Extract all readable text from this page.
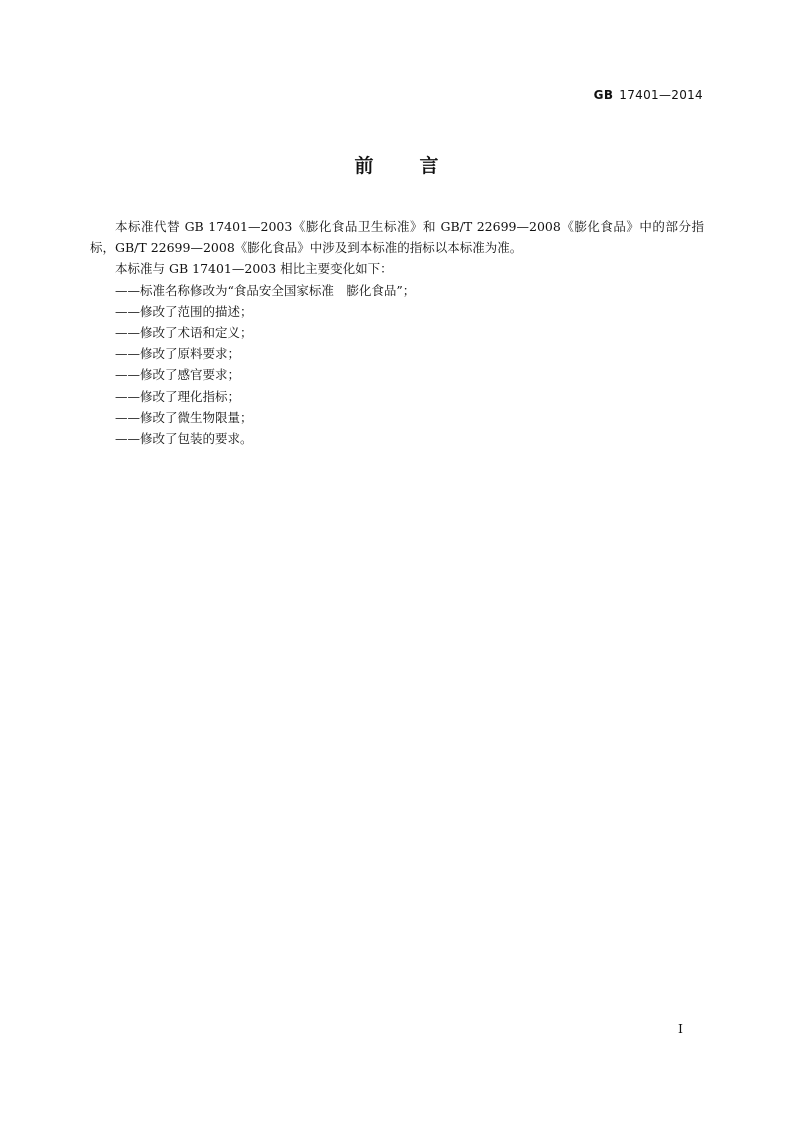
GB 17401—2014
前 言

本标准代替 GB 17401—2003《膨化食品卫生标准》和 GB/T 22699—2008《膨化食品》中的部分指标，GB/T 22699—2008《膨化食品》中涉及到本标准的指标以本标准为准。

本标准与 GB 17401—2003 相比主要变化如下：

——标准名称修改为“食品安全国家标准　膨化食品”；

——修改了范围的描述；

——修改了术语和定义；

——修改了原料要求；

——修改了感官要求；

——修改了理化指标；

——修改了微生物限量；

——修改了包装的要求。

I
